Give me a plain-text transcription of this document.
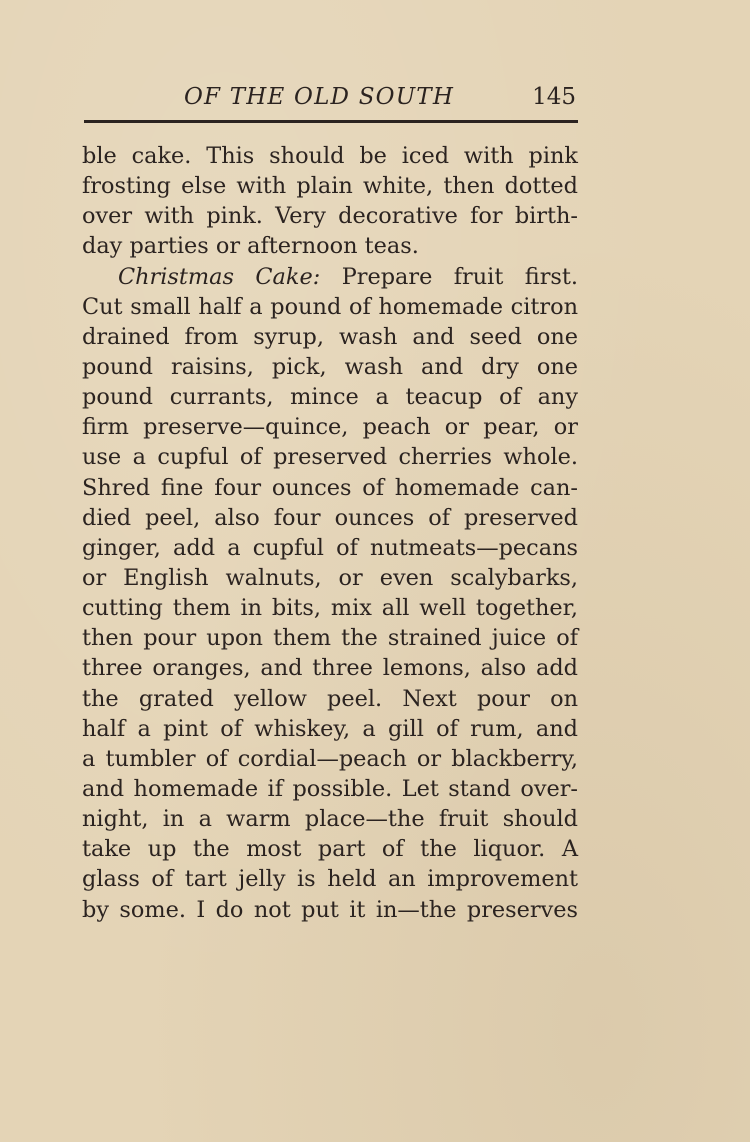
OF THE OLD SOUTH	145
ble cake. This should be iced with pink
frosting else with plain white, then dotted
over with pink. Very decorative for birth-
day parties or afternoon teas.
Christmas Cake: Prepare fruit first.
Cut small half a pound of homemade citron
drained from syrup, wash and seed one
pound raisins, pick, wash and dry one
pound currants, mince a teacup of any
firm preserve—quince, peach or pear, or
use a cupful of preserved cherries whole.
Shred fine four ounces of homemade can-
died peel, also four ounces of preserved
ginger, add a cupful of nutmeats—pecans
or English walnuts, or even scalybarks,
cutting them in bits, mix all well together,
then pour upon them the strained juice of
three oranges, and three lemons, also add
the grated yellow peel. Next pour on
half a pint of whiskey, a gill of rum, and
a tumbler of cordial—peach or blackberry,
and homemade if possible. Let stand over-
night, in a warm place—the fruit should
take up the most part of the liquor. A
glass of tart jelly is held an improvement
by some. I do not put it in—the preserves
